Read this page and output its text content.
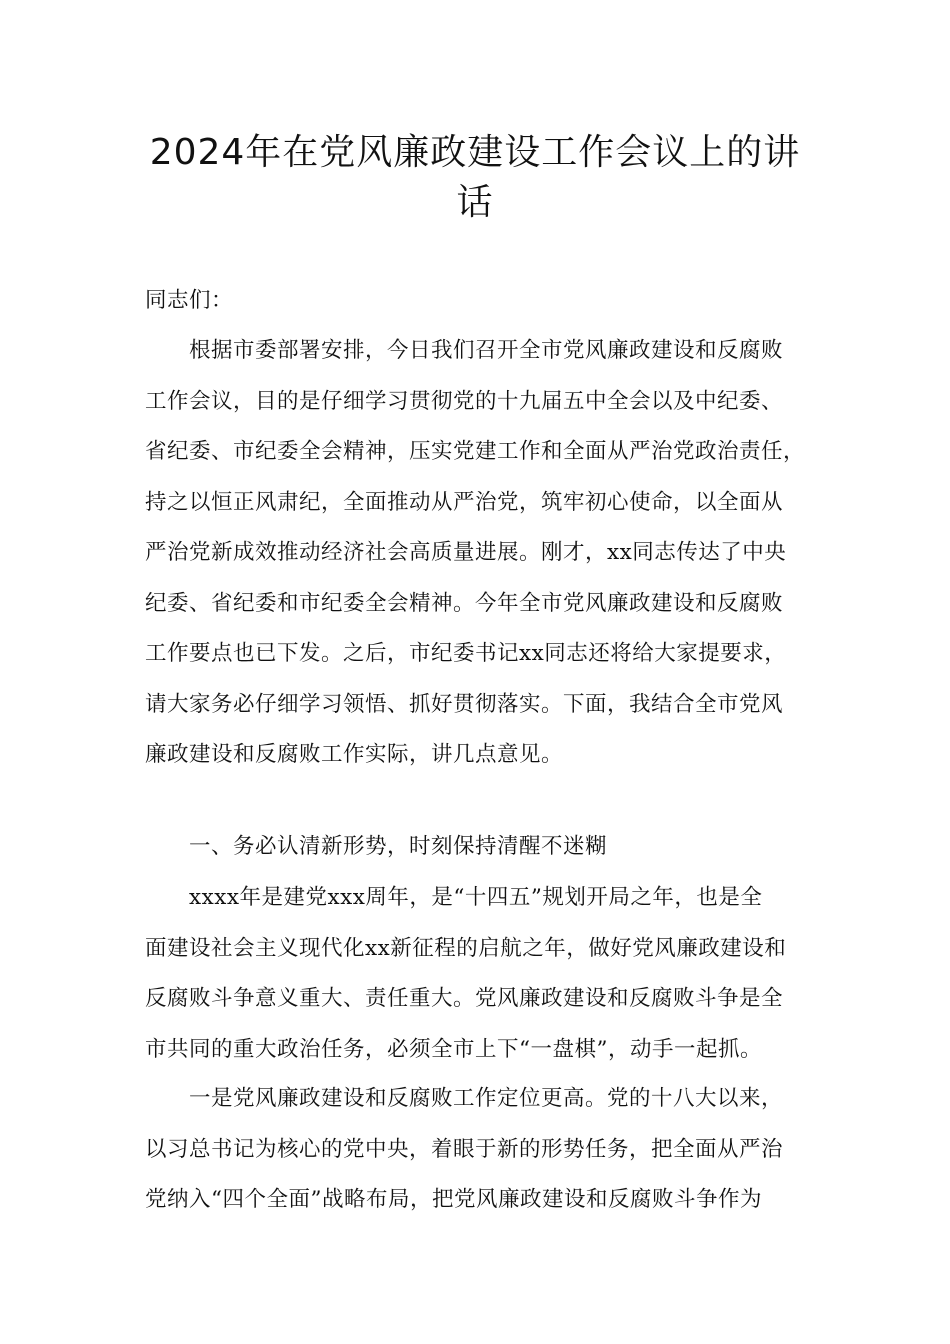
2024年在党风廉政建设工作会议上的讲
话
同志们：
根据市委部署安排，今日我们召开全市党风廉政建设和反腐败
工作会议，目的是仔细学习贯彻党的十九届五中全会以及中纪委、
省纪委、市纪委全会精神，压实党建工作和全面从严治党政治责任，
持之以恒正风肃纪，全面推动从严治党，筑牢初心使命，以全面从
严治党新成效推动经济社会高质量进展。刚才，xx同志传达了中央
纪委、省纪委和市纪委全会精神。今年全市党风廉政建设和反腐败
工作要点也已下发。之后，市纪委书记xx同志还将给大家提要求，
请大家务必仔细学习领悟、抓好贯彻落实。下面，我结合全市党风
廉政建设和反腐败工作实际，讲几点意见。
一、务必认清新形势，时刻保持清醒不迷糊
xxxx年是建党xxx周年，是“十四五”规划开局之年，也是全
面建设社会主义现代化xx新征程的启航之年，做好党风廉政建设和
反腐败斗争意义重大、责任重大。党风廉政建设和反腐败斗争是全
市共同的重大政治任务，必须全市上下“一盘棋”，动手一起抓。
一是党风廉政建设和反腐败工作定位更高。党的十八大以来，
以习总书记为核心的党中央，着眼于新的形势任务，把全面从严治
党纳入“四个全面”战略布局，把党风廉政建设和反腐败斗争作为
